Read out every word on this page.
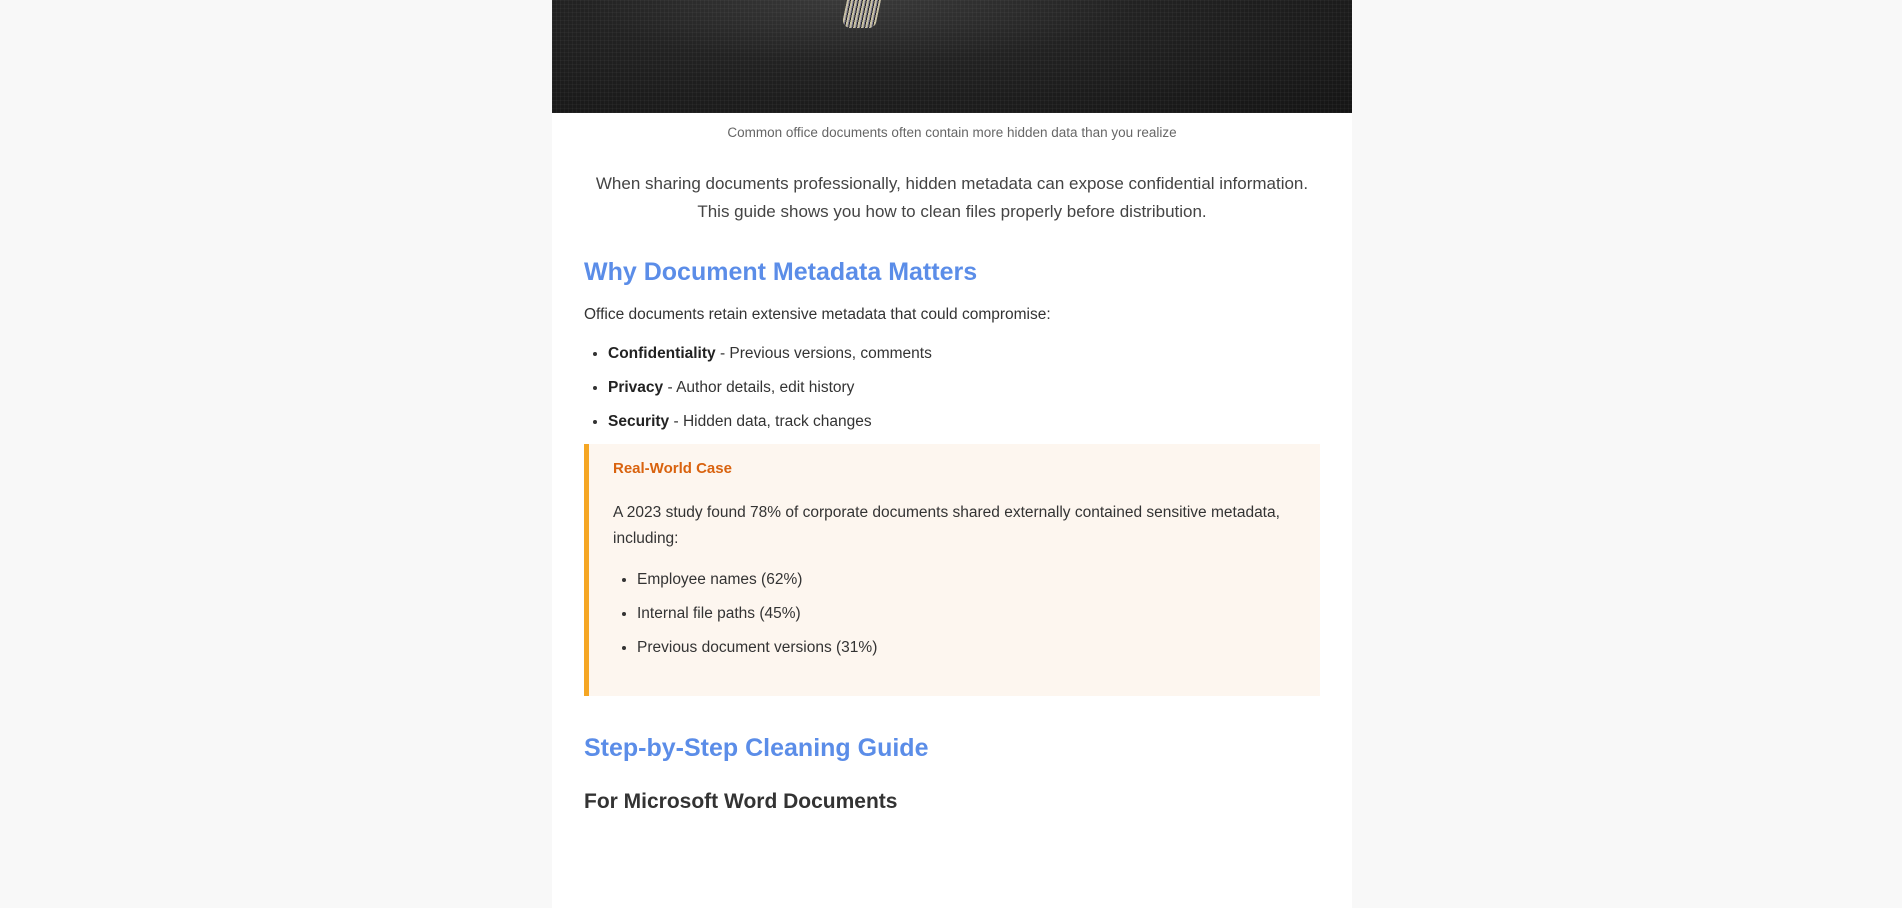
Common office documents often contain more hidden data than you realize

When sharing documents professionally, hidden metadata can expose confidential information. This guide shows you how to clean files properly before distribution.

Why Document Metadata Matters

Office documents retain extensive metadata that could compromise:

• Confidentiality - Previous versions, comments
• Privacy - Author details, edit history
• Security - Hidden data, track changes
Real-World Case

A 2023 study found 78% of corporate documents shared externally contained sensitive metadata, including:

• Employee names (62%)
• Internal file paths (45%)
• Previous document versions (31%)
Step-by-Step Cleaning Guide
For Microsoft Word Documents
